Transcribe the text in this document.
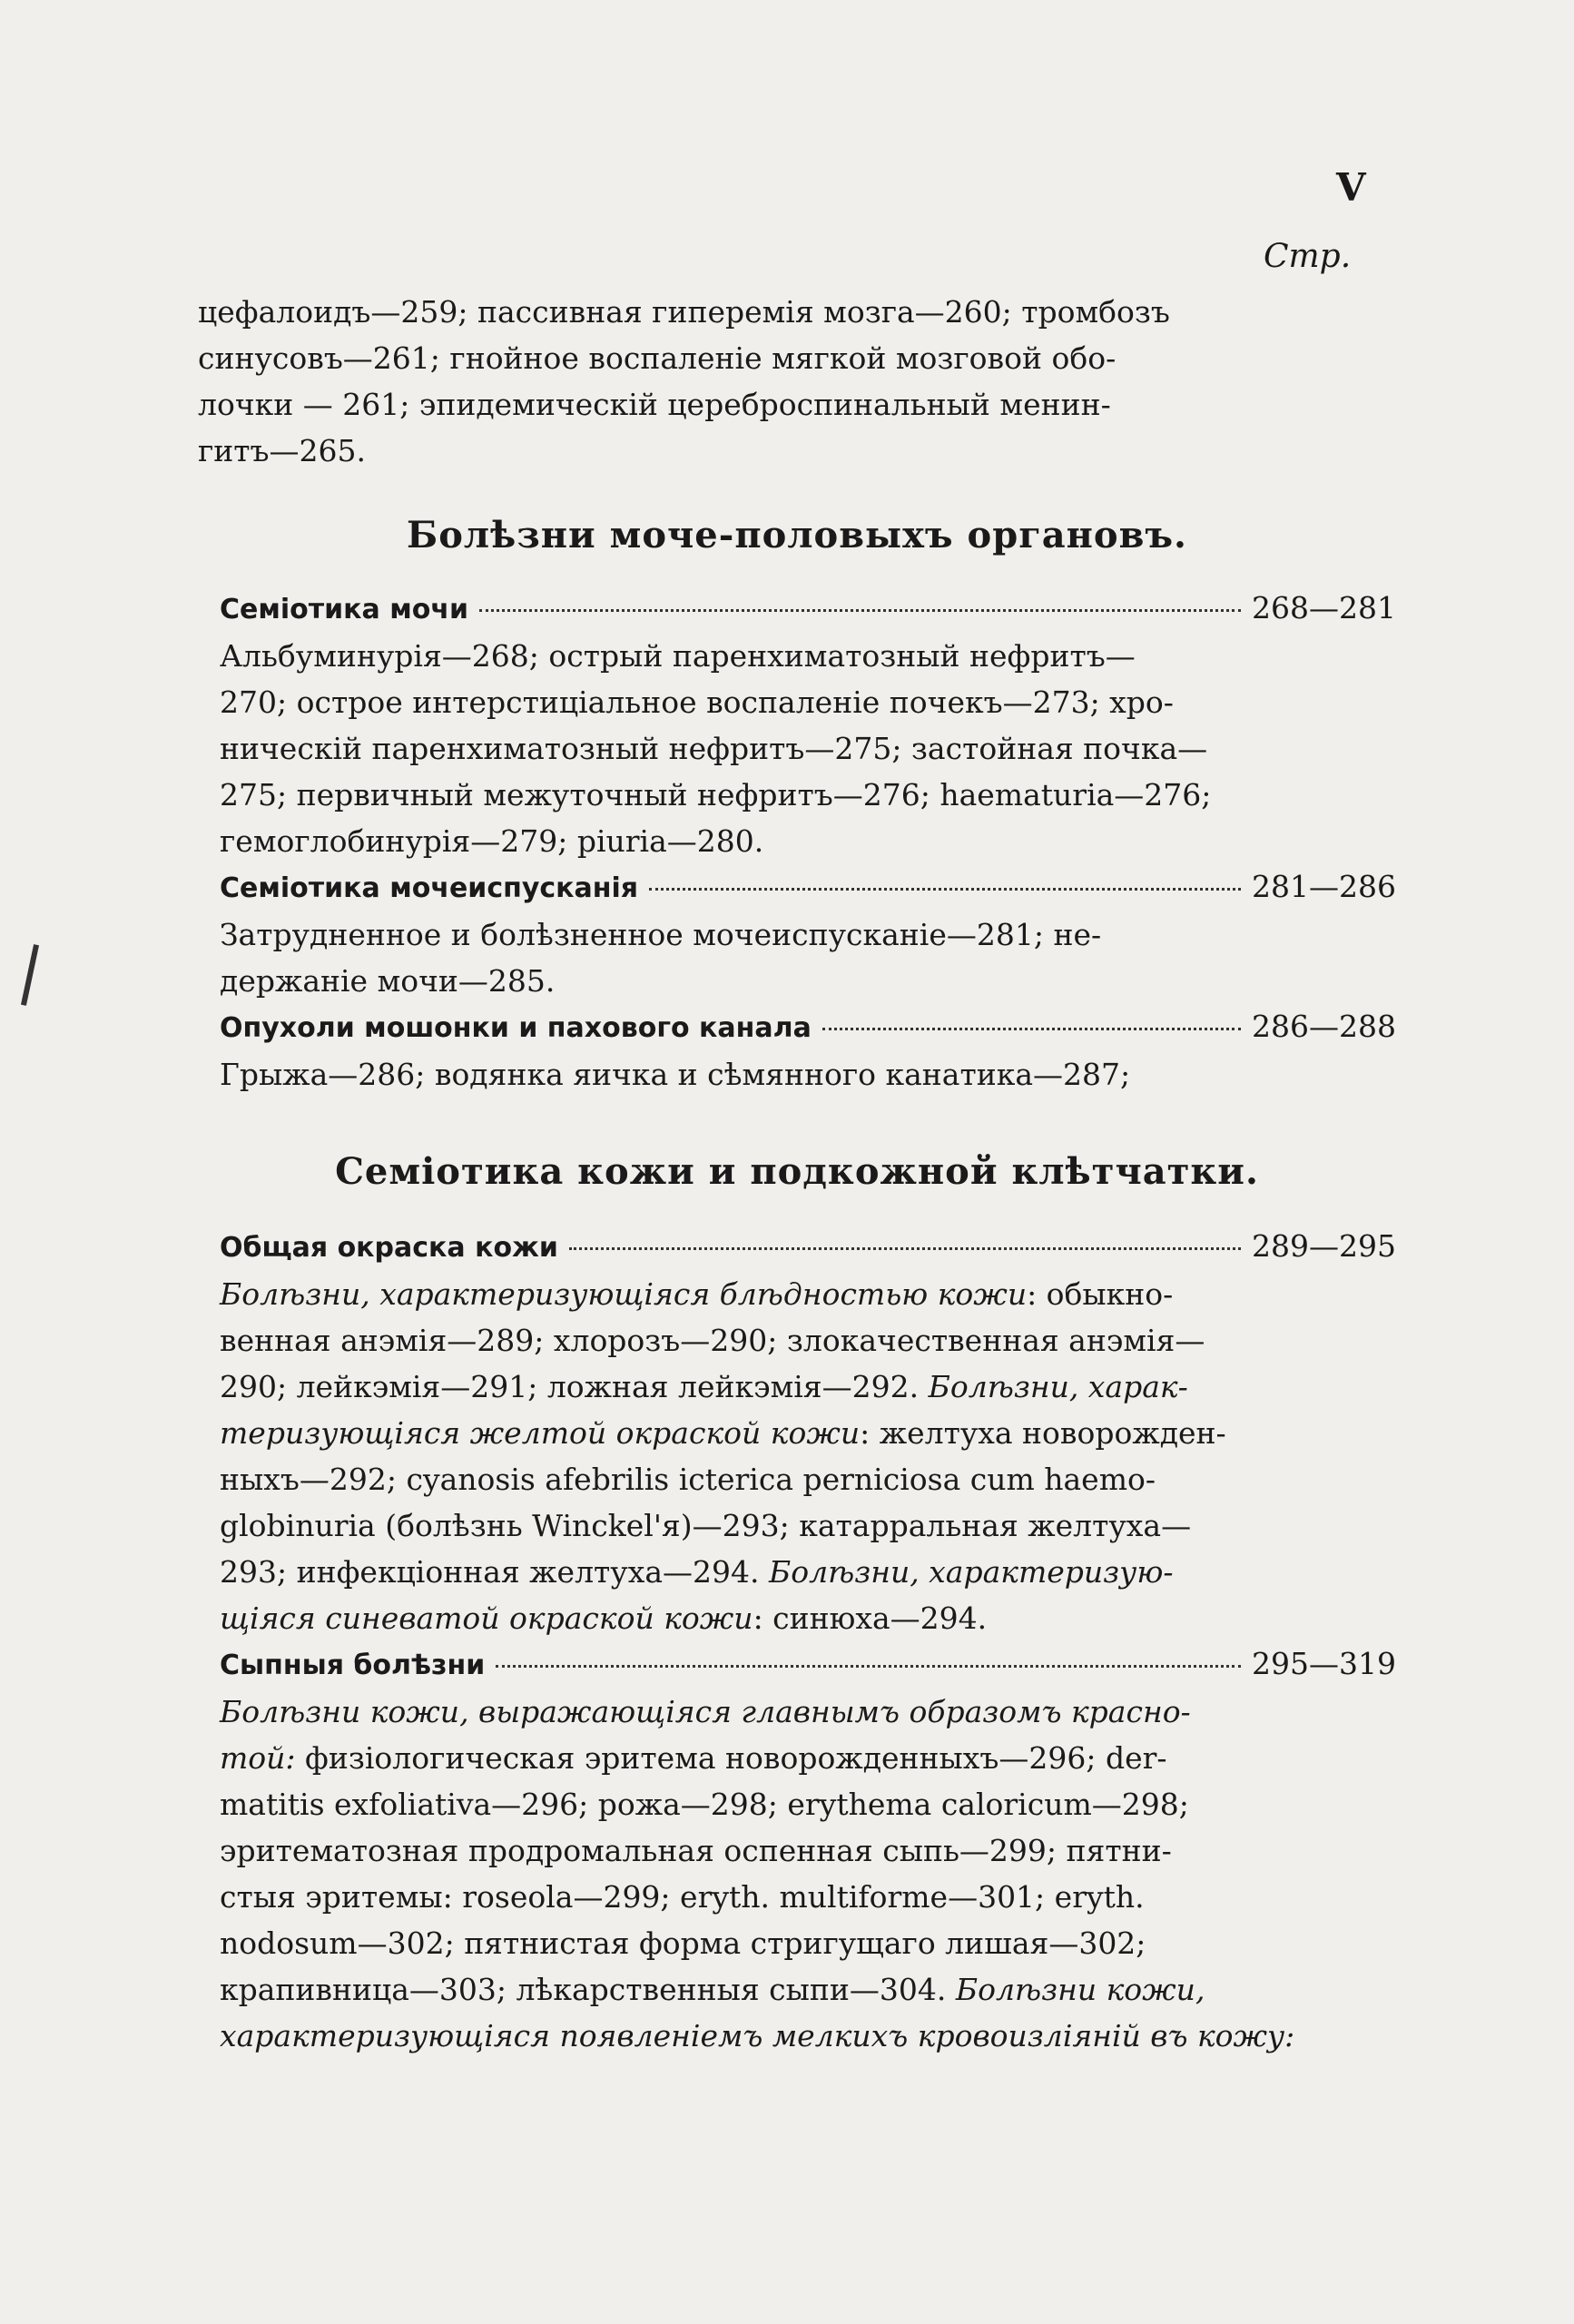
V
Стр.
цефалоидъ—259; пассивная гиперемія мозга—260; тромбозъ
синусовъ—261; гнойное воспаленіе мягкой мозговой обо-
лочки — 261; эпидемическій цереброспинальный менин-
гитъ—265.
Болѣзни моче-половыхъ органовъ.
Семіотика мочи	268—281
Альбуминурія—268; острый паренхиматозный нефритъ—
270; острое интерстиціальное воспаленіе почекъ—273; хро-
ническій паренхиматозный нефритъ—275; застойная почка—
275; первичный межуточный нефритъ—276; haematuria—276;
гемоглобинурія—279; piuria—280.
Семіотика мочеиспусканія	281—286
Затрудненное и болѣзненное мочеиспусканіе—281; не-
держаніе мочи—285.
Опухоли мошонки и пахового канала	286—288
Грыжа—286; водянка яичка и сѣмянного канатика—287;
Семіотика кожи и подкожной клѣтчатки.
Общая окраска кожи	289—295
Болѣзни, характеризующіяся блѣдностью кожи: обыкно-
венная анэмія—289; хлорозъ—290; злокачественная анэмія—
290; лейкэмія—291; ложная лейкэмія—292. Болѣзни, харак-
теризующіяся желтой окраской кожи: желтуха новорожден-
ныхъ—292; cyanosis afebrilis icterica perniciosa cum haemo-
globinuria (болѣзнь Winckel'я)—293; катарральная желтуха—
293; инфекціонная желтуха—294. Болѣзни, характеризую-
щіяся синеватой окраской кожи: синюха—294.
Сыпныя болѣзни	295—319
Болѣзни кожи, выражающіяся главнымъ образомъ красно-
той: физіологическая эритема новорожденныхъ—296; der-
matitis exfoliativa—296; рожа—298; erythema caloricum—298;
эритематозная продромальная оспенная сыпь—299; пятни-
стыя эритемы: roseola—299; eryth. multiforme—301; eryth.
nodosum—302; пятнистая форма стригущаго лишая—302;
крапивница—303; лѣкарственныя сыпи—304. Болѣзни кожи,
характеризующіяся появленіемъ мелкихъ кровоизліяній въ кожу:
